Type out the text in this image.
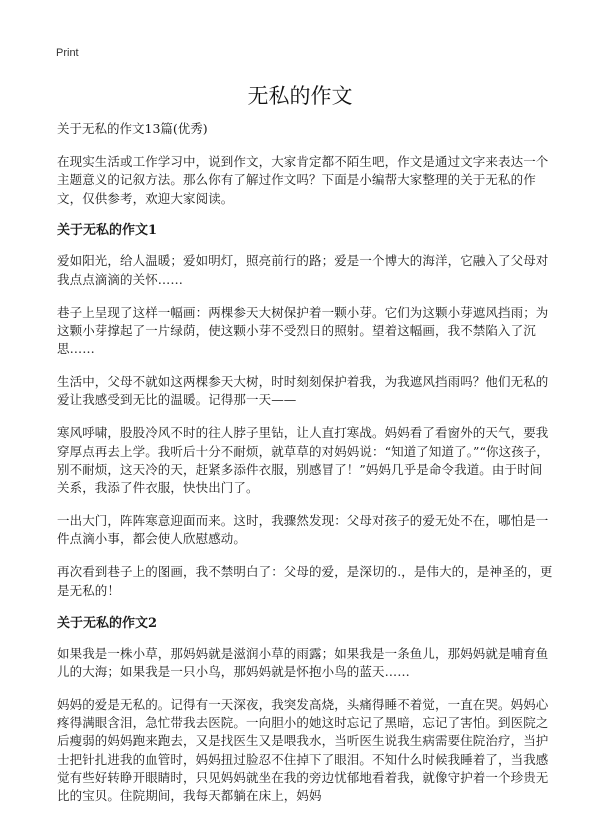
Print
无私的作文
关于无私的作文13篇(优秀)

在现实生活或工作学习中，说到作文，大家肯定都不陌生吧，作文是通过文字来表达一个主题意义的记叙方法。那么你有了解过作文吗？下面是小编帮大家整理的关于无私的作文，仅供参考，欢迎大家阅读。

关于无私的作文1

爱如阳光，给人温暖；爱如明灯，照亮前行的路；爱是一个博大的海洋，它融入了父母对我点点滴滴的关怀……

巷子上呈现了这样一幅画：两棵参天大树保护着一颗小芽。它们为这颗小芽遮风挡雨；为这颗小芽撑起了一片绿荫，使这颗小芽不受烈日的照射。望着这幅画，我不禁陷入了沉思……

生活中，父母不就如这两棵参天大树，时时刻刻保护着我，为我遮风挡雨吗？他们无私的爱让我感受到无比的温暖。记得那一天——

寒风呼啸，股股冷风不时的往人脖子里钻，让人直打寒战。妈妈看了看窗外的天气，要我穿厚点再去上学。我听后十分不耐烦，就草草的对妈妈说：“知道了知道了。”“你这孩子，别不耐烦，这天冷的天，赶紧多添件衣服，别感冒了！”妈妈几乎是命令我道。由于时间关系，我添了件衣服，快快出门了。

一出大门，阵阵寒意迎面而来。这时，我骤然发现：父母对孩子的爱无处不在，哪怕是一件点滴小事，都会使人欣慰感动。

再次看到巷子上的图画，我不禁明白了：父母的爱，是深切的.，是伟大的，是神圣的，更是无私的！

关于无私的作文2

如果我是一株小草，那妈妈就是滋润小草的雨露；如果我是一条鱼儿，那妈妈就是哺育鱼儿的大海；如果我是一只小鸟，那妈妈就是怀抱小鸟的蓝天……

妈妈的爱是无私的。记得有一天深夜，我突发高烧，头痛得睡不着觉，一直在哭。妈妈心疼得满眼含泪，急忙带我去医院。一向胆小的她这时忘记了黑暗，忘记了害怕。到医院之后瘦弱的妈妈跑来跑去，又是找医生又是喂我水，当听医生说我生病需要住院治疗，当护士把针扎进我的血管时，妈妈扭过脸忍不住掉下了眼泪。不知什么时候我睡着了，当我感觉有些好转睁开眼睛时，只见妈妈就坐在我的旁边忧郁地看着我，就像守护着一个珍贵无比的宝贝。住院期间，我每天都躺在床上，妈妈
